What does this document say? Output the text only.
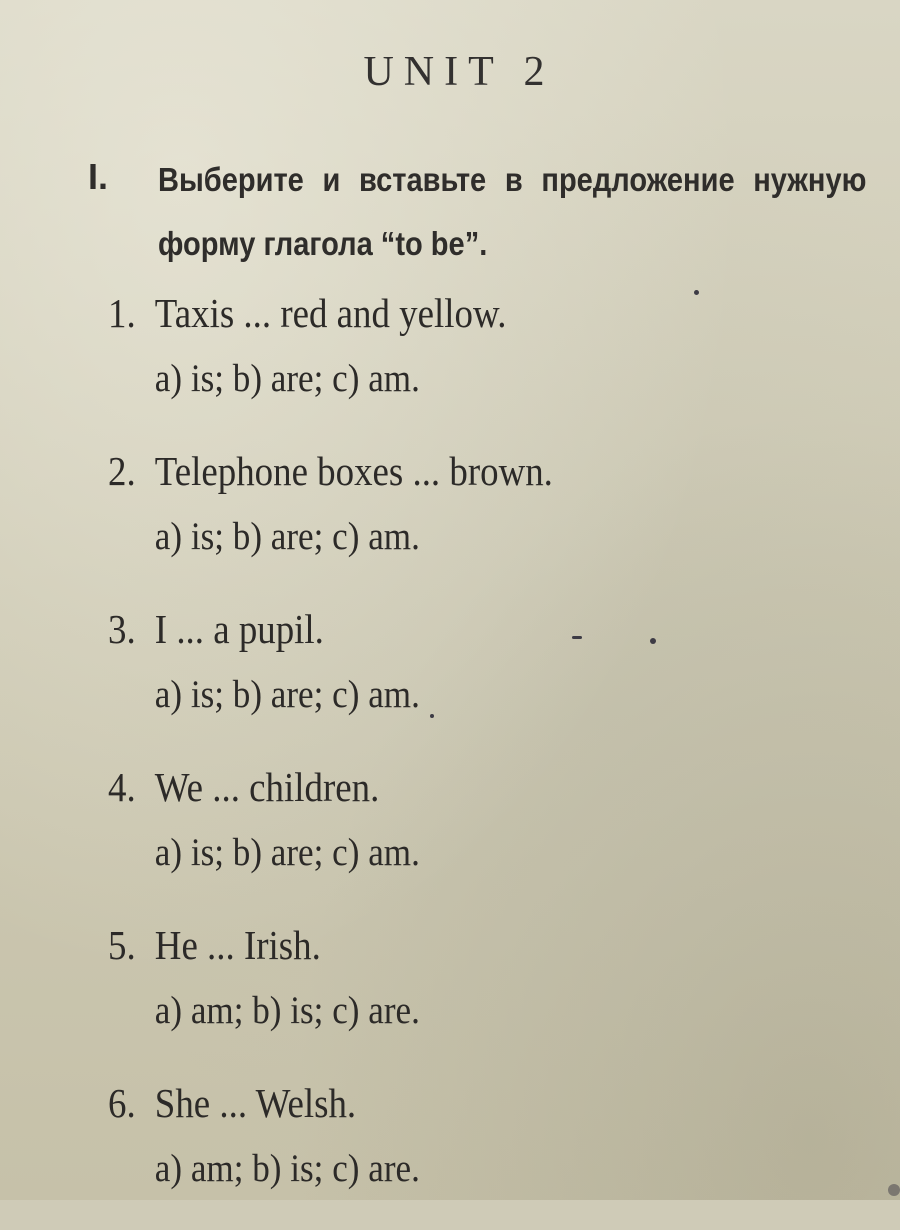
UNIT 2
I. Выберите и вставьте в предложение нужную форму глагола “to be”.
1. Taxis ... red and yellow.
a) is; b) are; c) am.
2. Telephone boxes ... brown.
a) is; b) are; c) am.
3. I ... a pupil.
a) is; b) are; c) am.
4. We ... children.
a) is; b) are; c) am.
5. He ... Irish.
a) am; b) is; c) are.
6. She ... Welsh.
a) am; b) is; c) are.
